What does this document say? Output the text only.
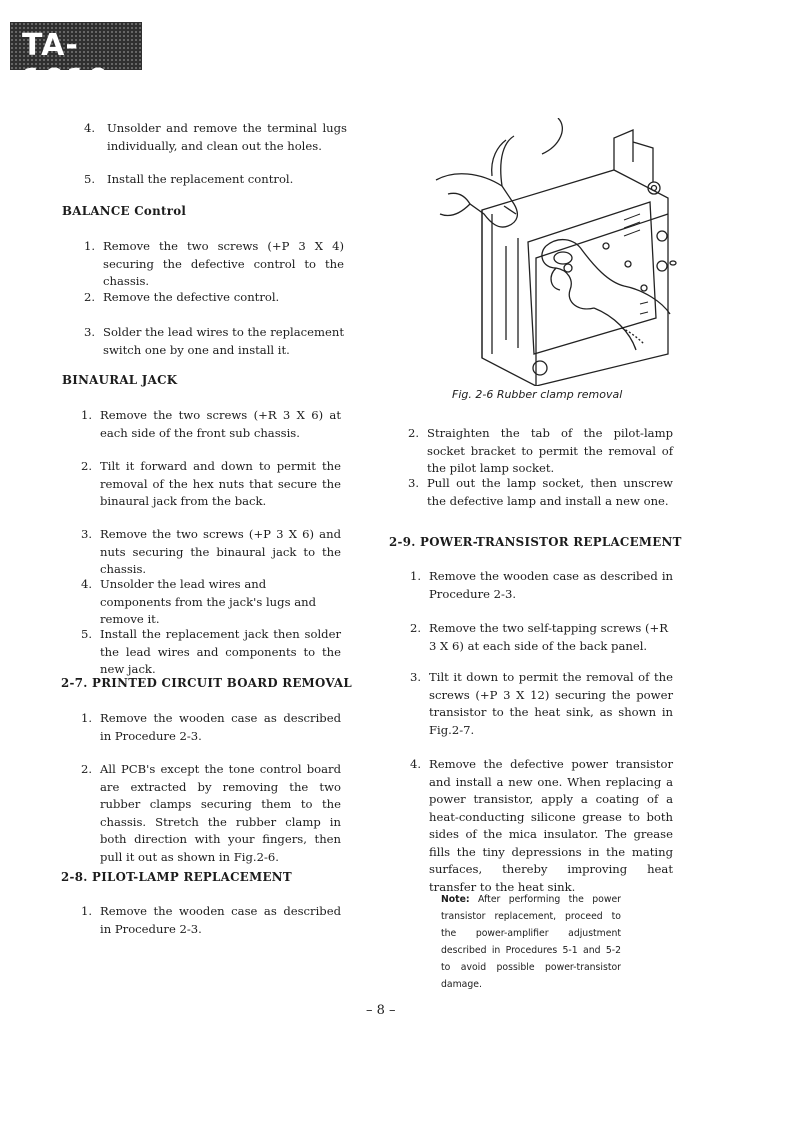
TA-1010
4. Unsolder and remove the terminal lugs individually, and clean out the holes.
5. Install the replacement control.
BALANCE Control
1. Remove the two screws (+P 3 X 4) securing the defective control to the chassis.
2. Remove the defective control.
3. Solder the lead wires to the replacement switch one by one and install it.
BINAURAL JACK
1. Remove the two screws (+R 3 X 6) at each side of the front sub chassis.
2. Tilt it forward and down to permit the removal of the hex nuts that secure the binaural jack from the back.
3. Remove the two screws (+P 3 X 6) and nuts securing the binaural jack to the chassis.
4. Unsolder the lead wires and components from the jack's lugs and remove it.
5. Install the replacement jack then solder the lead wires and components to the new jack.
2-7. PRINTED CIRCUIT BOARD REMOVAL
1. Remove the wooden case as described in Procedure 2-3.
2. All PCB's except the tone control board are extracted by removing the two rubber clamps securing them to the chassis. Stretch the rubber clamp in both direction with your fingers, then pull it out as shown in Fig.2-6.
2-8. PILOT-LAMP REPLACEMENT
1. Remove the wooden case as described in Procedure 2-3.
Fig. 2-6 Rubber clamp removal
2. Straighten the tab of the pilot-lamp socket bracket to permit the removal of the pilot lamp socket.
3. Pull out the lamp socket, then unscrew the defective lamp and install a new one.
2-9. POWER-TRANSISTOR REPLACEMENT
1. Remove the wooden case as described in Procedure 2-3.
2. Remove the two self-tapping screws (+R 3 X 6) at each side of the back panel.
3. Tilt it down to permit the removal of the screws (+P 3 X 12) securing the power transistor to the heat sink, as shown in Fig.2-7.
4. Remove the defective power transistor and install a new one. When replacing a power transistor, apply a coating of a heat-conducting silicone grease to both sides of the mica insulator. The grease fills the tiny depressions in the mating surfaces, thereby improving heat transfer to the heat sink.
Note: After performing the power transistor replacement, proceed to the power-amplifier adjustment described in Procedures 5-1 and 5-2 to avoid possible power-transistor damage.
– 8 –
